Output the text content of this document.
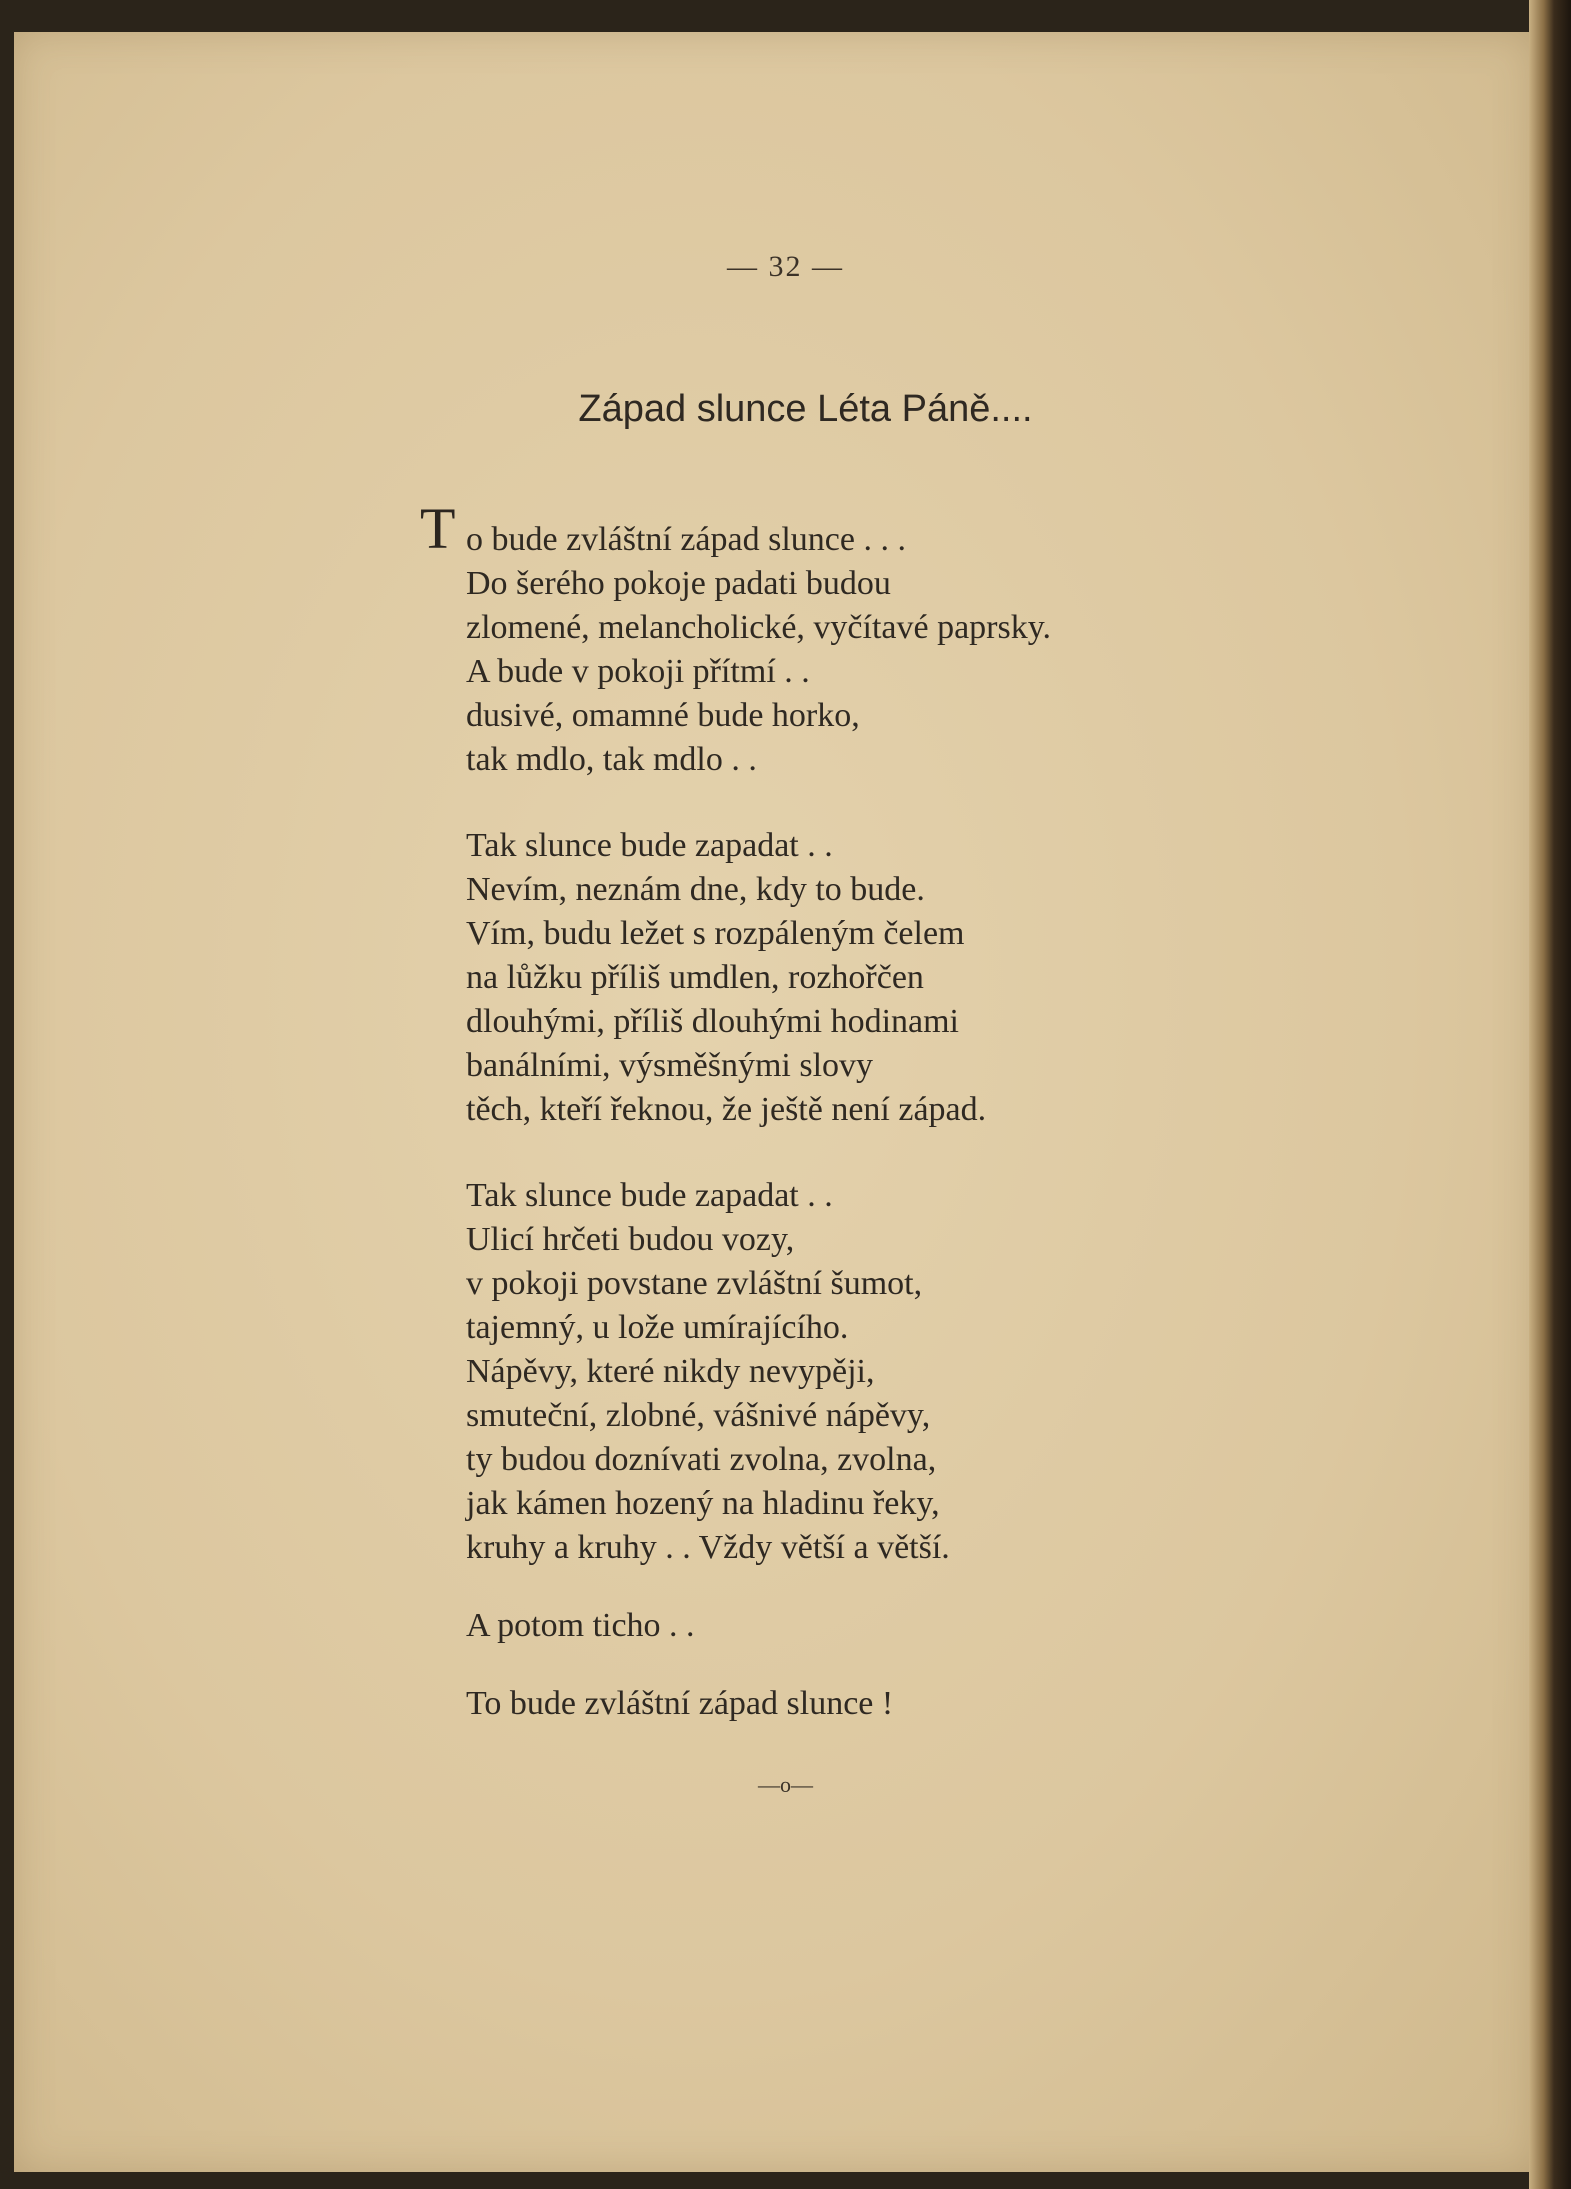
— 32 —
Západ slunce Léta Páně....
T o bude zvláštní západ slunce . . .
Do šerého pokoje padati budou
zlomené, melancholické, vyčítavé paprsky.
A bude v pokoji přítmí . .
dusivé, omamné bude horko,
tak mdlo, tak mdlo . .
Tak slunce bude zapadat . .
Nevím, neznám dne, kdy to bude.
Vím, budu ležet s rozpáleným čelem
na lůžku příliš umdlen, rozhořčen
dlouhými, příliš dlouhými hodinami
banálními, výsměšnými slovy
těch, kteří řeknou, že ještě není západ.
Tak slunce bude zapadat . .
Ulicí hrčeti budou vozy,
v pokoji povstane zvláštní šumot,
tajemný, u lože umírajícího.
Nápěvy, které nikdy nevypěji,
smuteční, zlobné, vášnivé nápěvy,
ty budou doznívati zvolna, zvolna,
jak kámen hozený na hladinu řeky,
kruhy a kruhy . . Vždy větší a větší.
A potom ticho . .
To bude zvláštní západ slunce !
—o—
